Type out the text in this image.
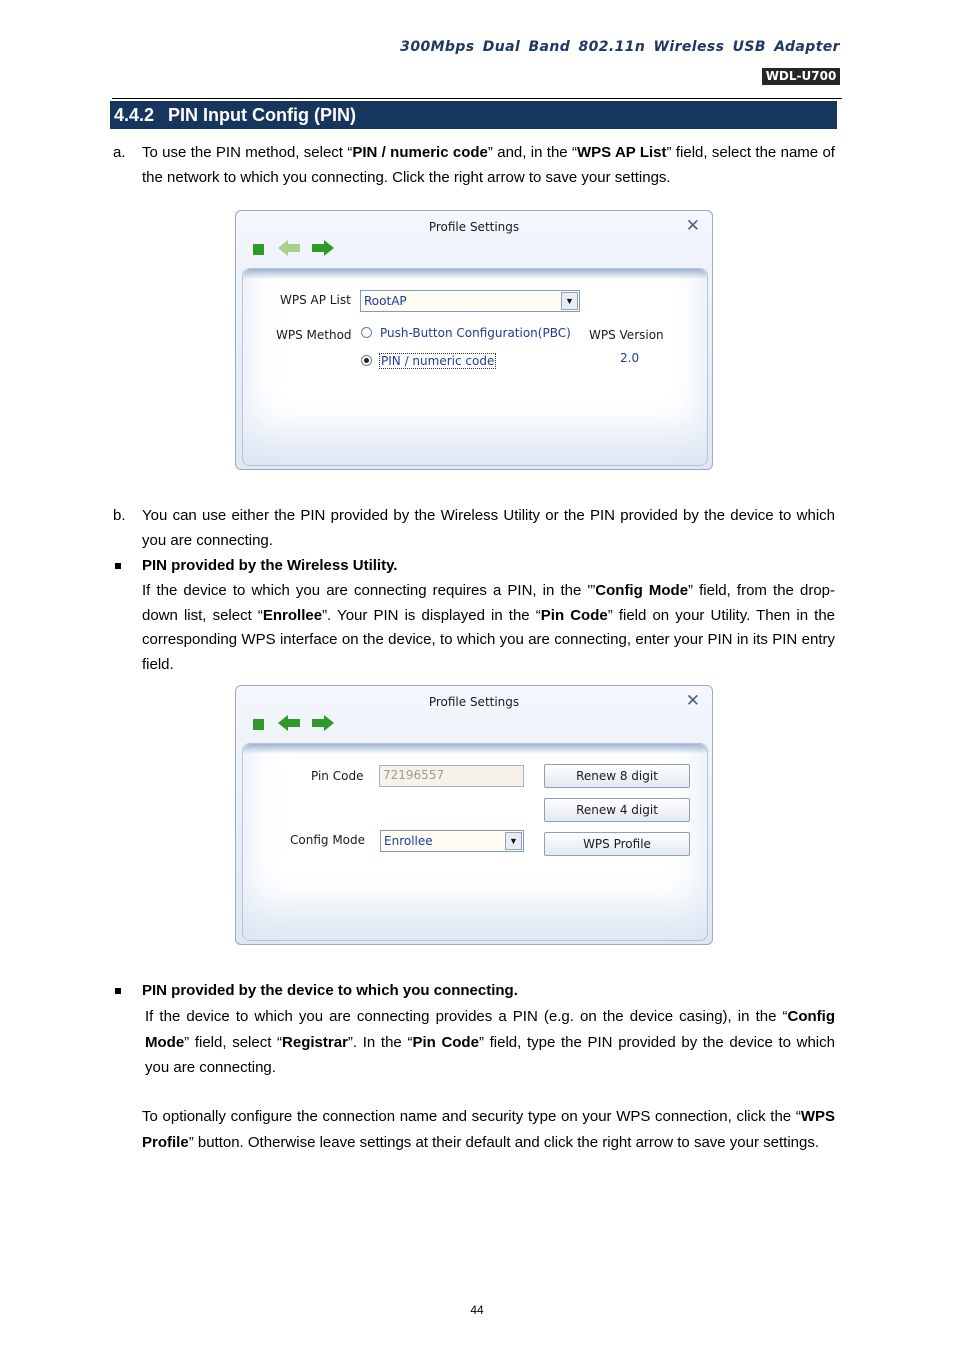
300Mbps Dual Band 802.11n Wireless USB Adapter
WDL-U700
4.4.2 PIN Input Config (PIN)
a. To use the PIN method, select “PIN / numeric code” and, in the “WPS AP List” field, select the name of the network to which you connecting. Click the right arrow to save your settings.
Profile Settings	✕
WPS AP List RootAP	▼
WPS Method Push-Button Configuration(PBC)
PIN / numeric code
WPS Version
2.0
b. You can use either the PIN provided by the Wireless Utility or the PIN provided by the device to which you are connecting.
PIN provided by the Wireless Utility.
If the device to which you are connecting requires a PIN, in the '”Config Mode” field, from the drop-down list, select “Enrollee”. Your PIN is displayed in the “Pin Code” field on your Utility. Then in the corresponding WPS interface on the device, to which you are connecting, enter your PIN in its PIN entry field.
Profile Settings	✕
Pin Code	72196557	Renew 8 digit
Renew 4 digit
Config Mode Enrollee	▼	WPS Profile
PIN provided by the device to which you connecting.
If the device to which you are connecting provides a PIN (e.g. on the device casing), in the “Config Mode” field, select “Registrar”. In the “Pin Code” field, type the PIN provided by the device to which you are connecting.
To optionally configure the connection name and security type on your WPS connection, click the “WPS Profile” button. Otherwise leave settings at their default and click the right arrow to save your settings.
44
